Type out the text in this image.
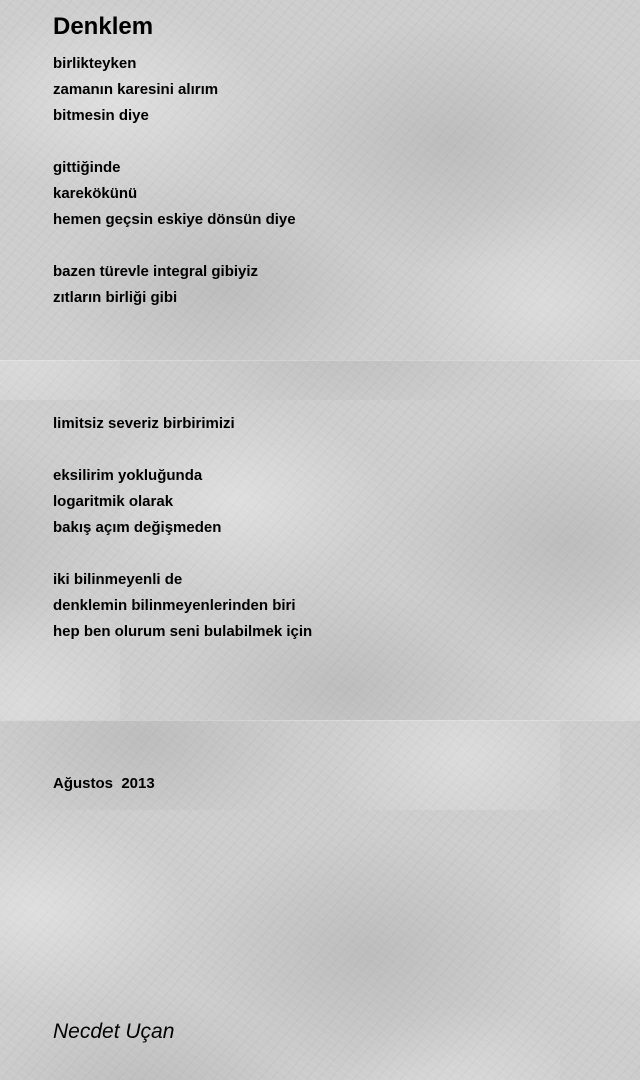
Denklem
birlikteyken
zamanın karesini alırım
bitmesin diye
gittiğinde
karekökünü
hemen geçsin eskiye dönsün diye
bazen türevle integral gibiyiz
zıtların birliği gibi
limitsiz severiz birbirimizi
eksilirim yokluğunda
logaritmik olarak
bakış açım değişmeden
iki bilinmeyenli de
denklemin bilinmeyenlerinden biri
hep ben olurum seni bulabilmek için
Ağustos  2013
Necdet Uçan
